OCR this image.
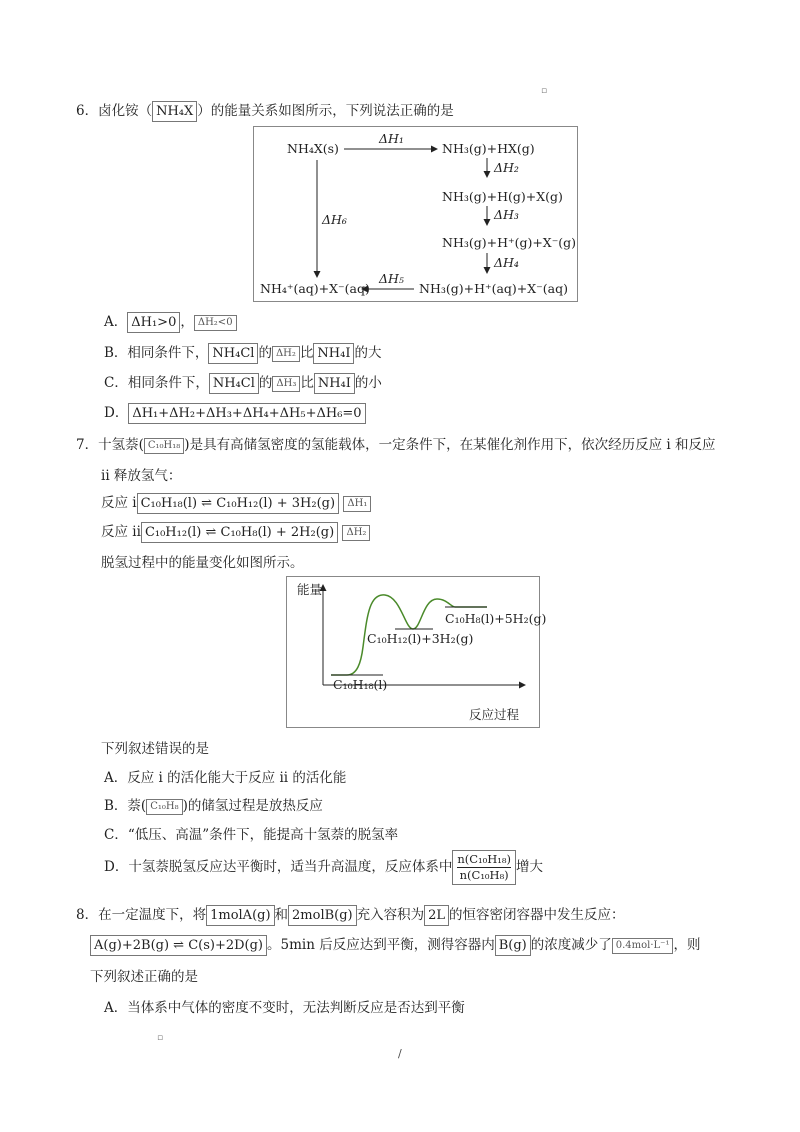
▫
6．卤化铵（ NH₄X ）的能量关系如图所示，下列说法正确的是
NH₄X(s)
ΔH₁
NH₃(g)+HX(g)
ΔH₂
NH₃(g)+H(g)+X(g)
ΔH₃
NH₃(g)+H⁺(g)+X⁻(g)
ΔH₄
NH₃(g)+H⁺(aq)+X⁻(aq)
ΔH₅
NH₄⁺(aq)+X⁻(aq)
ΔH₆
A． ΔH₁>0 ， ΔH₂<0
B．相同条件下， NH₄Cl 的 ΔH₂ 比 NH₄I 的大
C．相同条件下， NH₄Cl 的 ΔH₃ 比 NH₄I 的小
D． ΔH₁+ΔH₂+ΔH₃+ΔH₄+ΔH₅+ΔH₆=0
7．十氢萘( C₁₀H₁₈ )是具有高储氢密度的氢能载体，一定条件下，在某催化剂作用下，依次经历反应 i 和反应
ii 释放氢气：
反应 i C₁₀H₁₈(l) ⇌ C₁₀H₁₂(l) + 3H₂(g) ΔH₁
反应 ii C₁₀H₁₂(l) ⇌ C₁₀H₈(l) + 2H₂(g) ΔH₂
脱氢过程中的能量变化如图所示。
能量
反应过程
C₁₀H₁₈(l)
C₁₀H₁₂(l)+3H₂(g)
C₁₀H₈(l)+5H₂(g)
下列叙述错误的是
A．反应 i 的活化能大于反应 ii 的活化能
B．萘( C₁₀H₈ )的储氢过程是放热反应
C．“低压、高温”条件下，能提高十氢萘的脱氢率
D．十氢萘脱氢反应达平衡时，适当升高温度，反应体系中 $\frac{\text{n(C₁₀H₁₈)}}{\text{n(C₁₀H₈)}}$ 增大
8．在一定温度下，将 1molA(g) 和 2molB(g) 充入容积为 2L 的恒容密闭容器中发生反应：
A(g)+2B(g) ⇌ C(s)+2D(g) 。5min 后反应达到平衡，测得容器内 B(g) 的浓度减少了 0.4mol·L⁻¹ ，则
下列叙述正确的是
A．当体系中气体的密度不变时，无法判断反应是否达到平衡
▫
/
